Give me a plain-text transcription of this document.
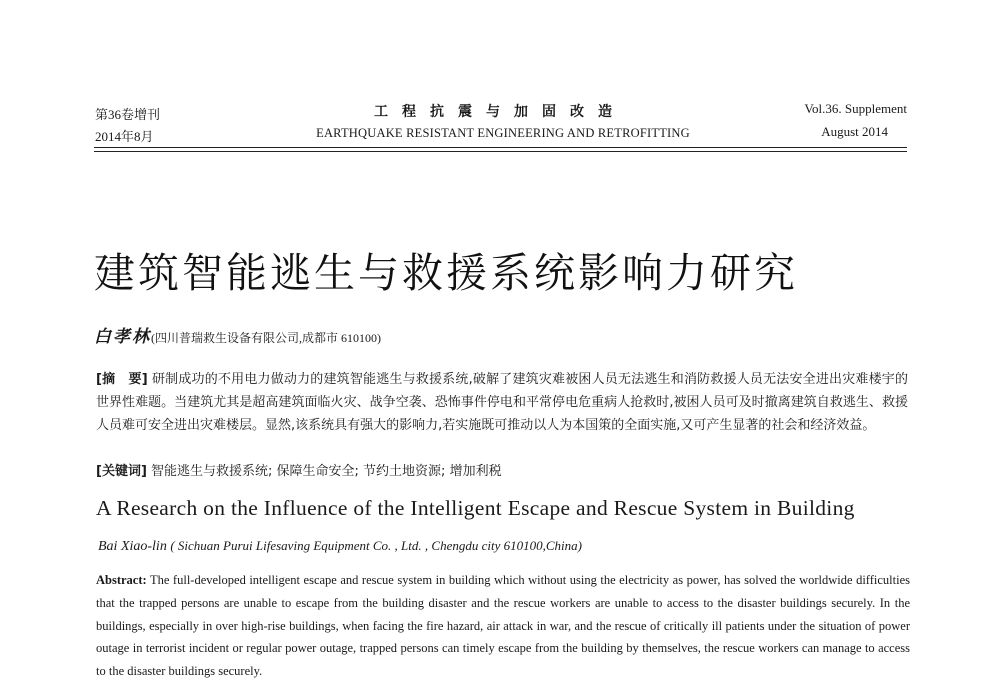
第36卷增刊
2014年8月
工程抗震与加固改造
EARTHQUAKE RESISTANT ENGINEERING AND RETROFITTING
Vol.36. Supplement
August 2014
建筑智能逃生与救援系统影响力研究
白孝林(四川普瑞救生设备有限公司,成都市 610100)
[摘　要] 研制成功的不用电力做动力的建筑智能逃生与救援系统,破解了建筑灾难被困人员无法逃生和消防救援人员无法安全进出灾难楼宇的世界性难题。当建筑尤其是超高建筑面临火灾、战争空袭、恐怖事件停电和平常停电危重病人抢救时,被困人员可及时撤离建筑自救逃生、救援人员难可安全进出灾难楼层。显然,该系统具有强大的影响力,若实施既可推动以人为本国策的全面实施,又可产生显著的社会和经济效益。
[关键词] 智能逃生与救援系统; 保障生命安全; 节约土地资源; 增加利税
A Research on the Influence of the Intelligent Escape and Rescue System in Building
Bai Xiao-lin ( Sichuan Purui Lifesaving Equipment Co. , Ltd. , Chengdu city 610100,China)
Abstract: The full-developed intelligent escape and rescue system in building which without using the electricity as power, has solved the worldwide difficulties that the trapped persons are unable to escape from the building disaster and the rescue workers are unable to access to the disaster buildings securely. In the buildings, especially in over high-rise buildings, when facing the fire hazard, air attack in war, and the rescue of critically ill patients under the situation of power outage in terrorist incident or regular power outage, trapped persons can timely escape from the building by themselves, the rescue workers can manage to access to the disaster buildings securely.
